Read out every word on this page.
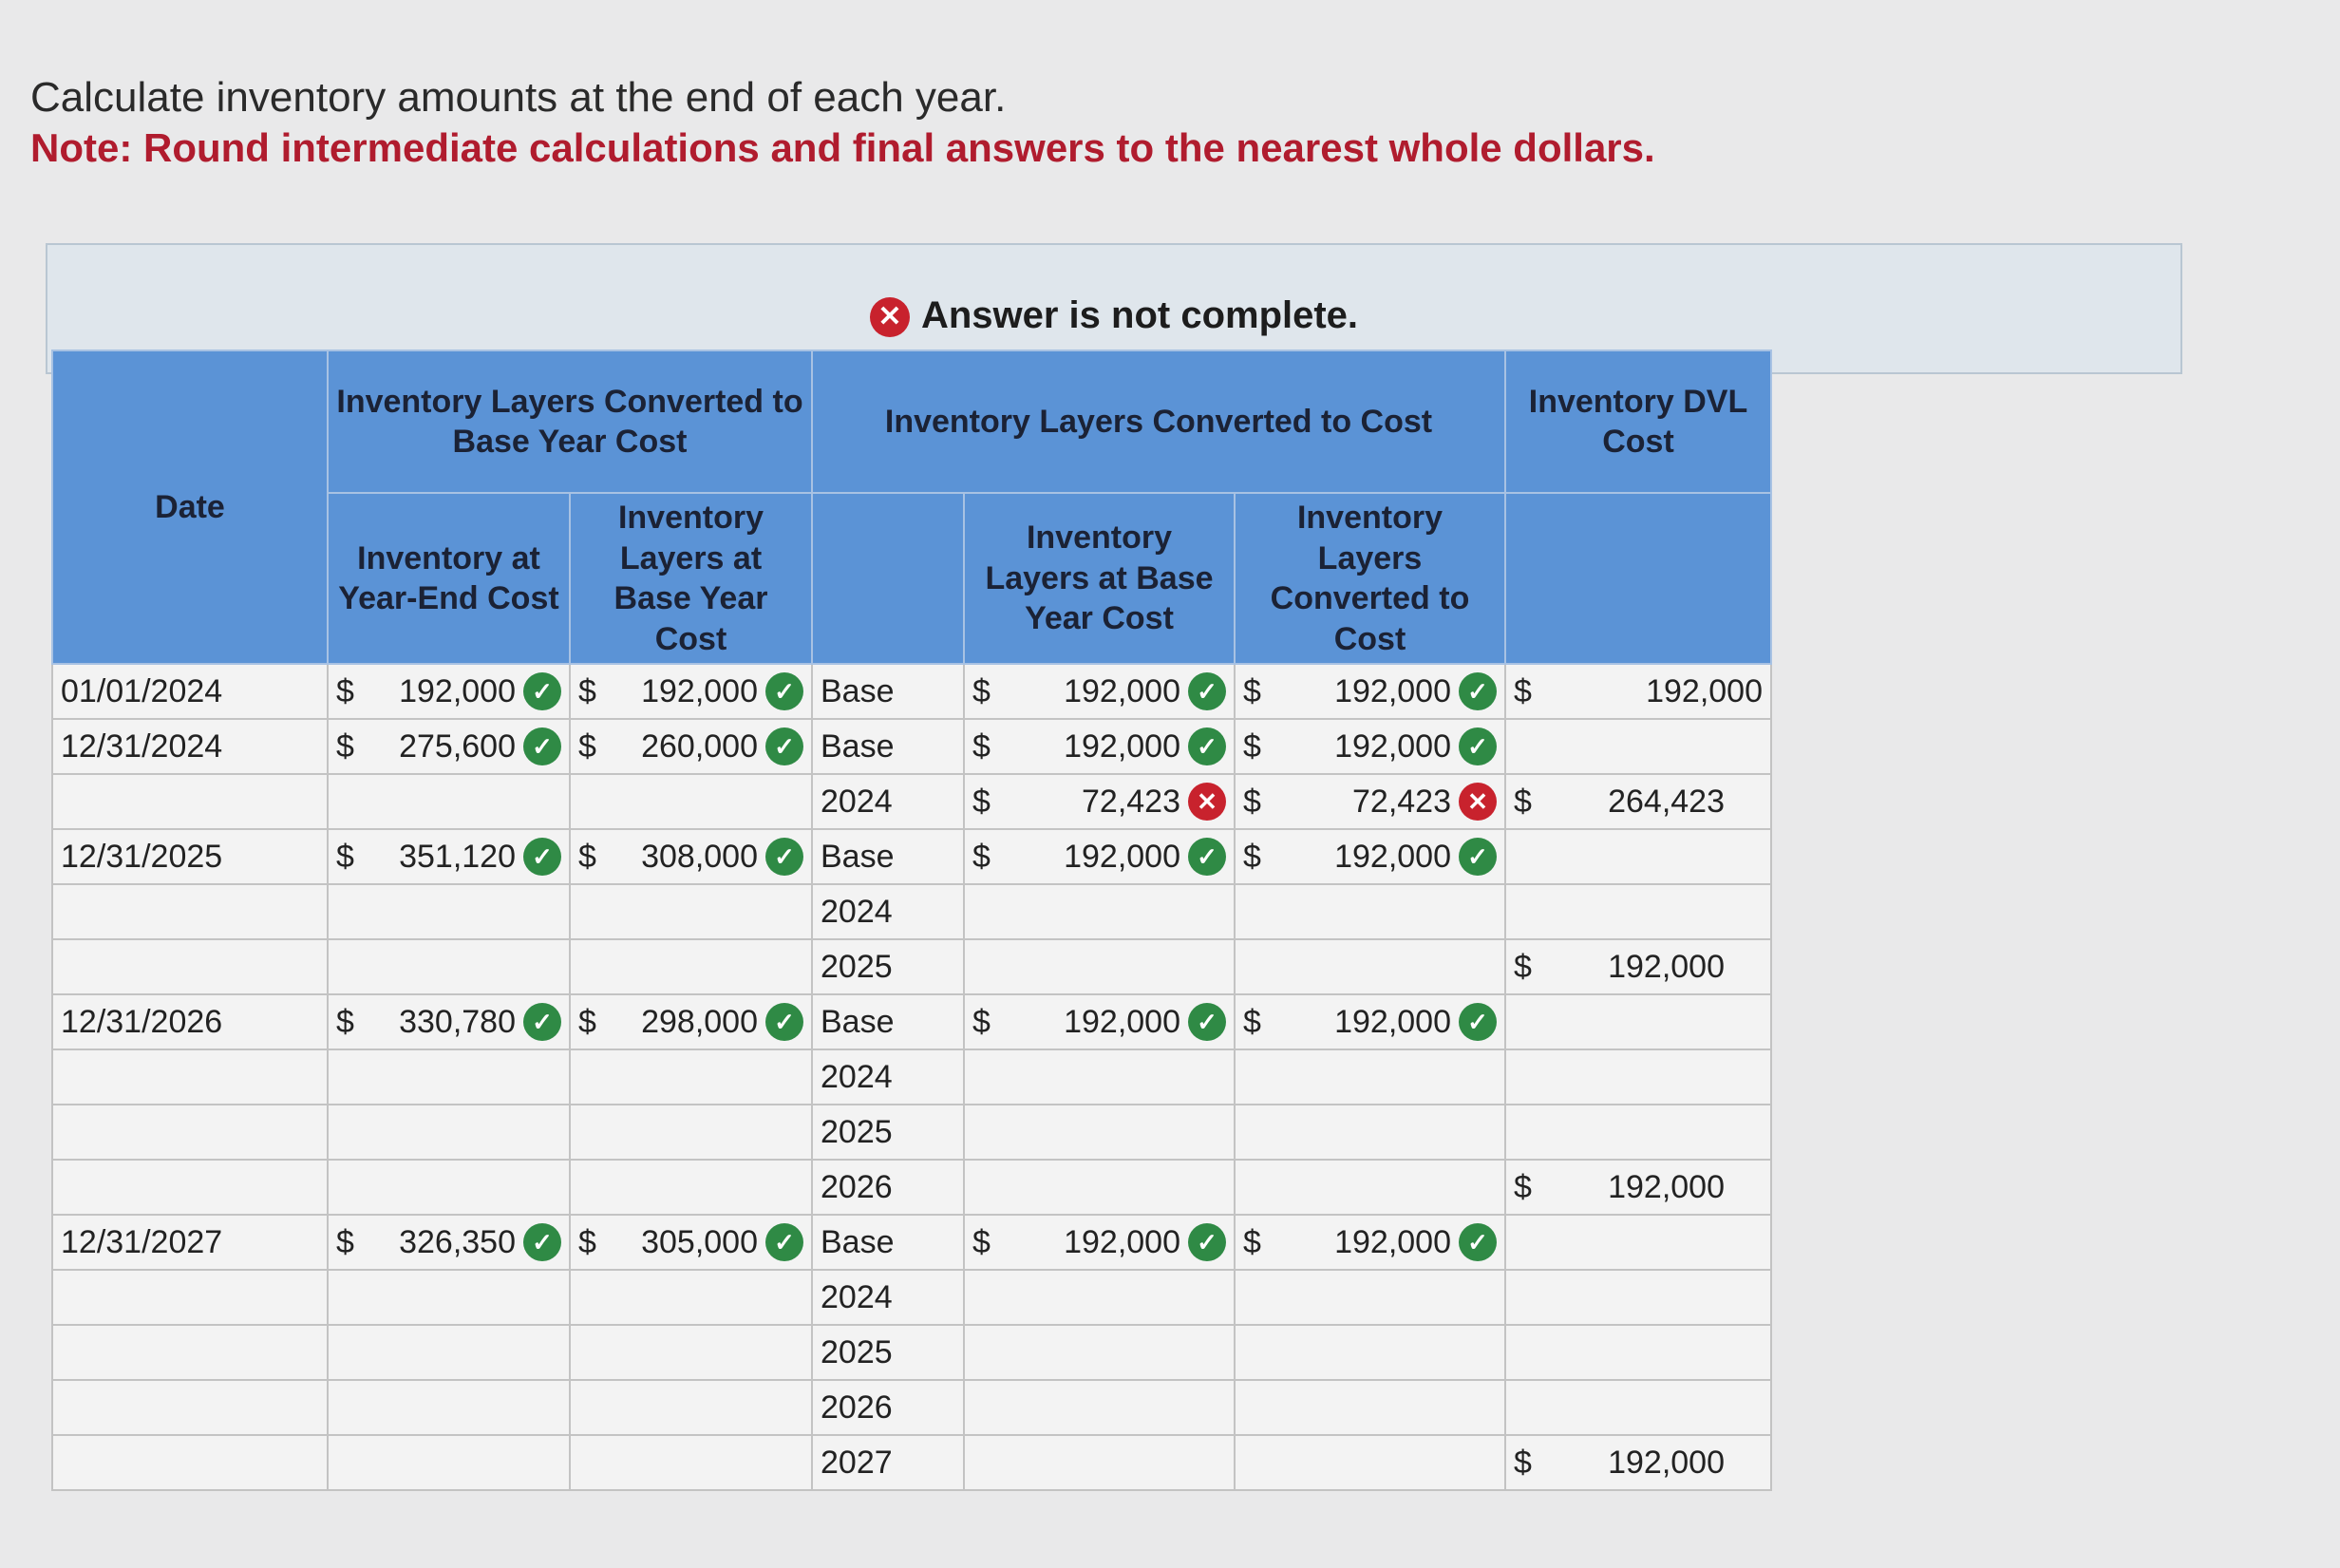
Calculate inventory amounts at the end of each year.
Note: Round intermediate calculations and final answers to the nearest whole dollars.
✕ Answer is not complete.
Date	Inventory Layers Converted to Base Year Cost		Inventory Layers Converted to Cost			Inventory DVL Cost
	Inventory at Year-End Cost	Inventory Layers at Base Year Cost		Inventory Layers at Base Year Cost	Inventory Layers Converted to Cost	
01/01/2024	$ 192,000 ✓	$ 192,000 ✓	Base	$ 192,000 ✓	$ 192,000 ✓	$ 192,000

12/31/2024	$ 275,600 ✓	$ 260,000 ✓	Base	$ 192,000 ✓	$ 192,000 ✓	

			2024	$ 72,423 ✕	$ 72,423 ✕	$ 264,423

12/31/2025	$ 351,120 ✓	$ 308,000 ✓	Base	$ 192,000 ✓	$ 192,000 ✓	

			2024			
			2025			$ 192,000

12/31/2026	$ 330,780 ✓	$ 298,000 ✓	Base	$ 192,000 ✓	$ 192,000 ✓	

			2024			
			2025			
			2026			$ 192,000

12/31/2027	$ 326,350 ✓	$ 305,000 ✓	Base	$ 192,000 ✓	$ 192,000 ✓	

			2024			
			2025			
			2026			
			2027			$ 192,000
